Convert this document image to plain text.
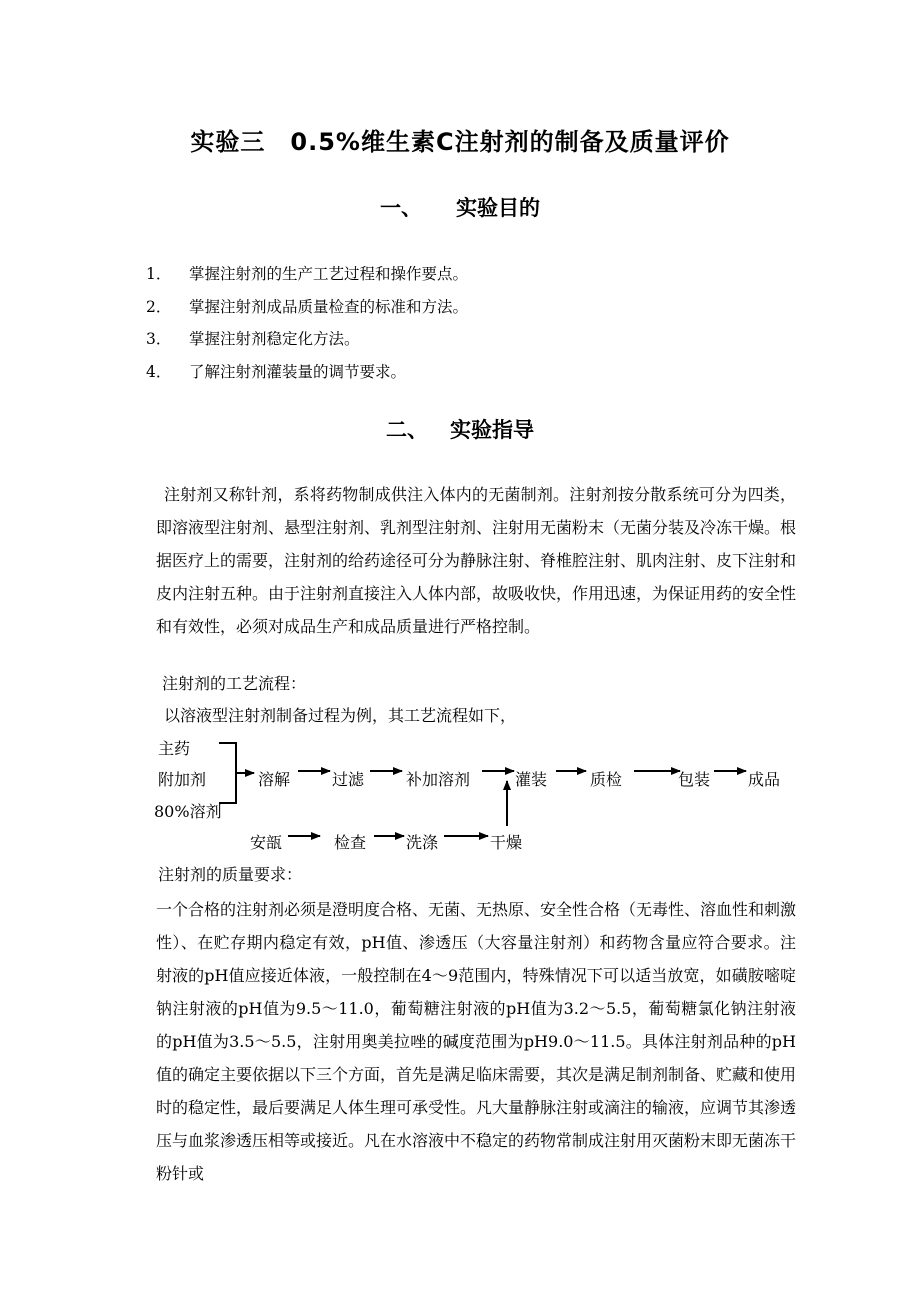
实验三　0.5%维生素C注射剂的制备及质量评价
一、 实验目的
1． 掌握注射剂的生产工艺过程和操作要点。
2． 掌握注射剂成品质量检查的标准和方法。
3． 掌握注射剂稳定化方法。
4． 了解注射剂灌装量的调节要求。
二、 实验指导

注射剂又称针剂，系将药物制成供注入体内的无菌制剂。注射剂按分散系统可分为四类，即溶液型注射剂、悬型注射剂、乳剂型注射剂、注射用无菌粉末（无菌分装及冷冻干燥。根据医疗上的需要，注射剂的给药途径可分为静脉注射、脊椎腔注射、肌肉注射、皮下注射和皮内注射五种。由于注射剂直接注入人体内部，故吸收快，作用迅速，为保证用药的安全性和有效性，必须对成品生产和成品质量进行严格控制。

注射剂的工艺流程：
以溶液型注射剂制备过程为例，其工艺流程如下，
主药
附加剂
80%溶剂
溶解	过滤	补加溶剂	灌装	质检	包装 成品
安瓿	检查 洗涤	干燥
注射剂的质量要求：

一个合格的注射剂必须是澄明度合格、无菌、无热原、安全性合格（无毒性、溶血性和刺激性）、在贮存期内稳定有效，pH值、渗透压（大容量注射剂）和药物含量应符合要求。注射液的pH值应接近体液，一般控制在4～9范围内，特殊情况下可以适当放宽，如磺胺嘧啶钠注射液的pH值为9.5～11.0，葡萄糖注射液的pH值为3.2～5.5，葡萄糖氯化钠注射液的pH值为3.5～5.5，注射用奥美拉唑的碱度范围为pH9.0～11.5。具体注射剂品种的pH值的确定主要依据以下三个方面，首先是满足临床需要，其次是满足制剂制备、贮藏和使用时的稳定性，最后要满足人体生理可承受性。凡大量静脉注射或滴注的输液，应调节其渗透压与血浆渗透压相等或接近。凡在水溶液中不稳定的药物常制成注射用灭菌粉末即无菌冻干粉针或
